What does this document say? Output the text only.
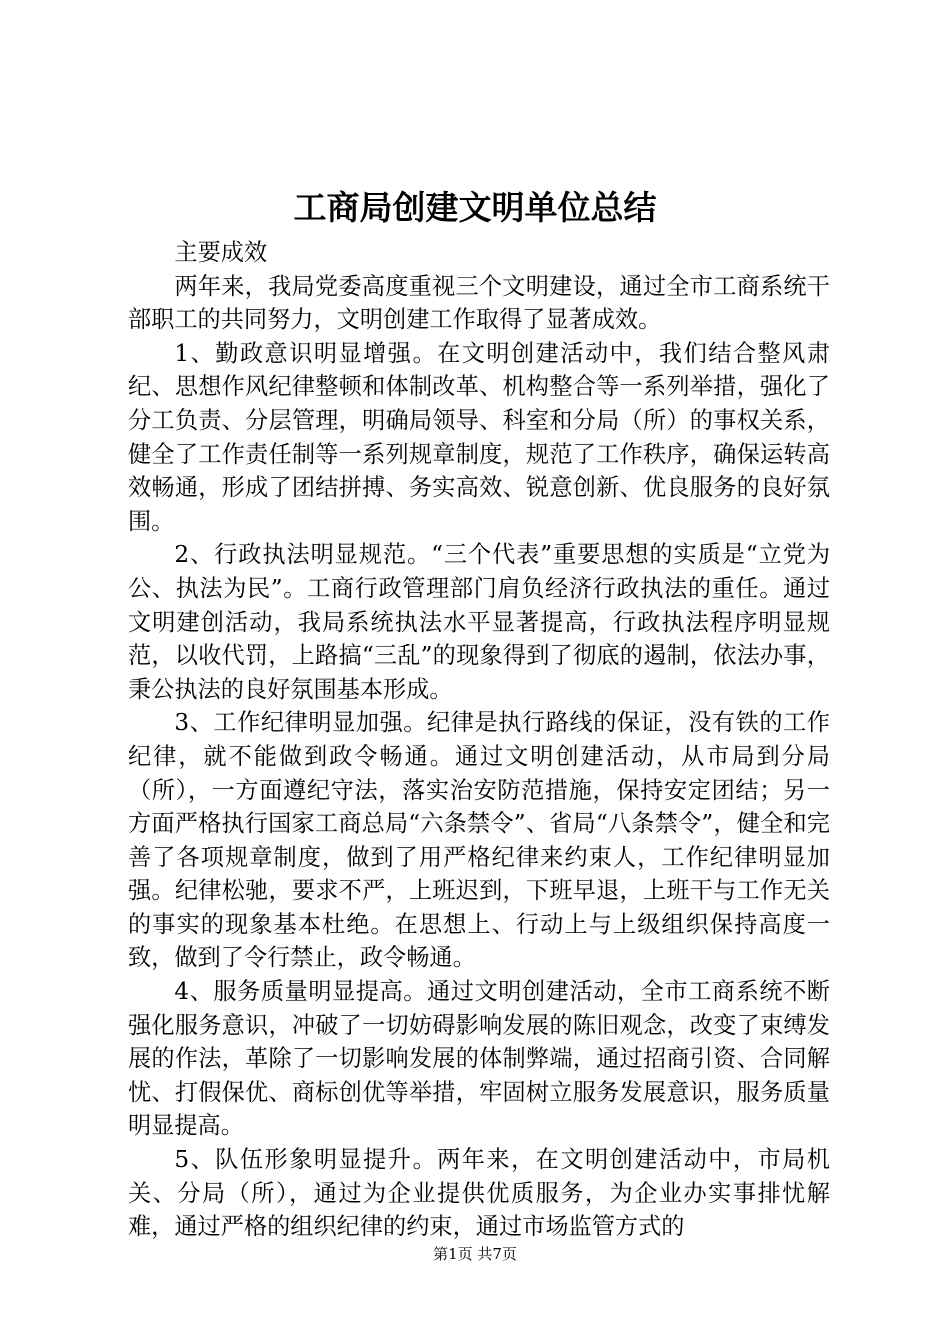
工商局创建文明单位总结

主要成效

两年来，我局党委高度重视三个文明建设，通过全市工商系统干部职工的共同努力，文明创建工作取得了显著成效。

1、勤政意识明显增强。在文明创建活动中，我们结合整风肃纪、思想作风纪律整顿和体制改革、机构整合等一系列举措，强化了分工负责、分层管理，明确局领导、科室和分局（所）的事权关系，健全了工作责任制等一系列规章制度，规范了工作秩序，确保运转高效畅通，形成了团结拼搏、务实高效、锐意创新、优良服务的良好氛围。

2、行政执法明显规范。“三个代表”重要思想的实质是“立党为公、执法为民”。工商行政管理部门肩负经济行政执法的重任。通过文明建创活动，我局系统执法水平显著提高，行政执法程序明显规范，以收代罚，上路搞“三乱”的现象得到了彻底的遏制，依法办事，秉公执法的良好氛围基本形成。

3、工作纪律明显加强。纪律是执行路线的保证，没有铁的工作纪律，就不能做到政令畅通。通过文明创建活动，从市局到分局（所），一方面遵纪守法，落实治安防范措施，保持安定团结；另一方面严格执行国家工商总局“六条禁令”、省局“八条禁令”，健全和完善了各项规章制度，做到了用严格纪律来约束人，工作纪律明显加强。纪律松驰，要求不严，上班迟到，下班早退，上班干与工作无关的事实的现象基本杜绝。在思想上、行动上与上级组织保持高度一致，做到了令行禁止，政令畅通。

4、服务质量明显提高。通过文明创建活动，全市工商系统不断强化服务意识，冲破了一切妨碍影响发展的陈旧观念，改变了束缚发展的作法，革除了一切影响发展的体制弊端，通过招商引资、合同解忧、打假保优、商标创优等举措，牢固树立服务发展意识，服务质量明显提高。

5、队伍形象明显提升。两年来，在文明创建活动中，市局机关、分局（所），通过为企业提供优质服务，为企业办实事排忧解难，通过严格的组织纪律的约束，通过市场监管方式的

第1页 共7页
